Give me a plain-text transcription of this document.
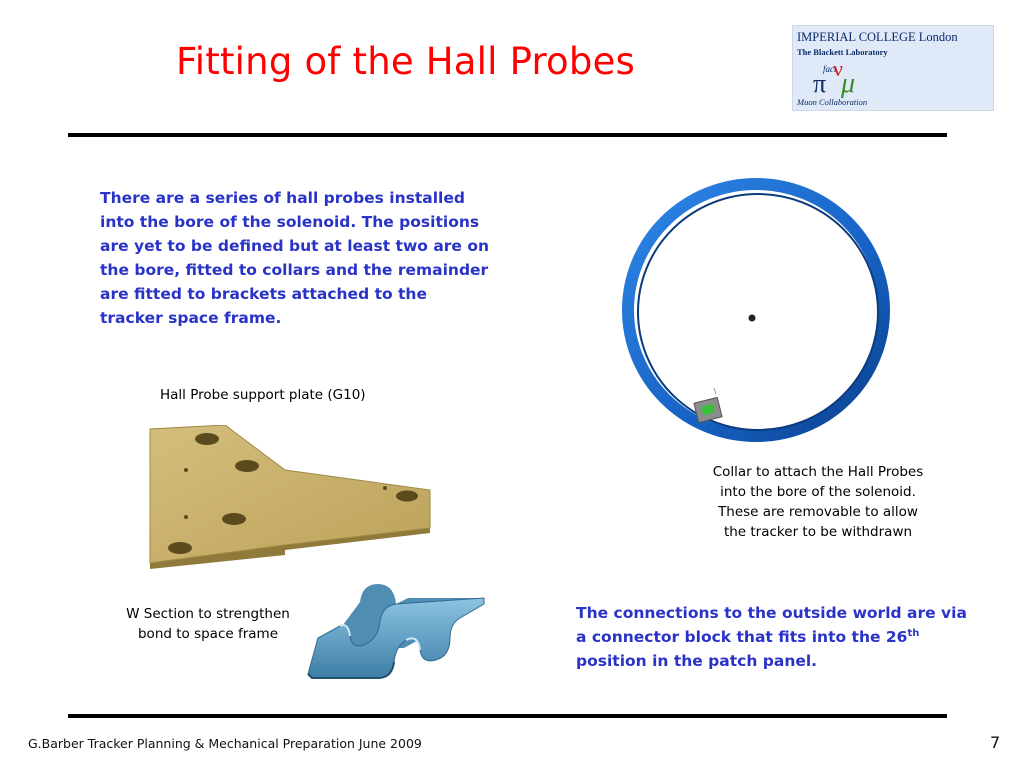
Fitting of the Hall Probes
IMPERIAL COLLEGE London
The Blackett Laboratory
fact
π
ν
μ
Muon Collaboration
There are a series of hall probes installed into the bore of the solenoid. The positions are yet to be defined but at least two are on the bore, fitted to collars and the remainder are fitted to brackets attached to the tracker space frame.
Hall Probe support plate (G10)
Collar to attach the Hall Probes
into the bore of the solenoid.
These are removable to allow
the tracker to be withdrawn
W Section to strengthen
bond to space frame
The connections to the outside world are via a connector block that fits into the 26th position in the patch panel.
G.Barber Tracker Planning & Mechanical Preparation June 2009	7
